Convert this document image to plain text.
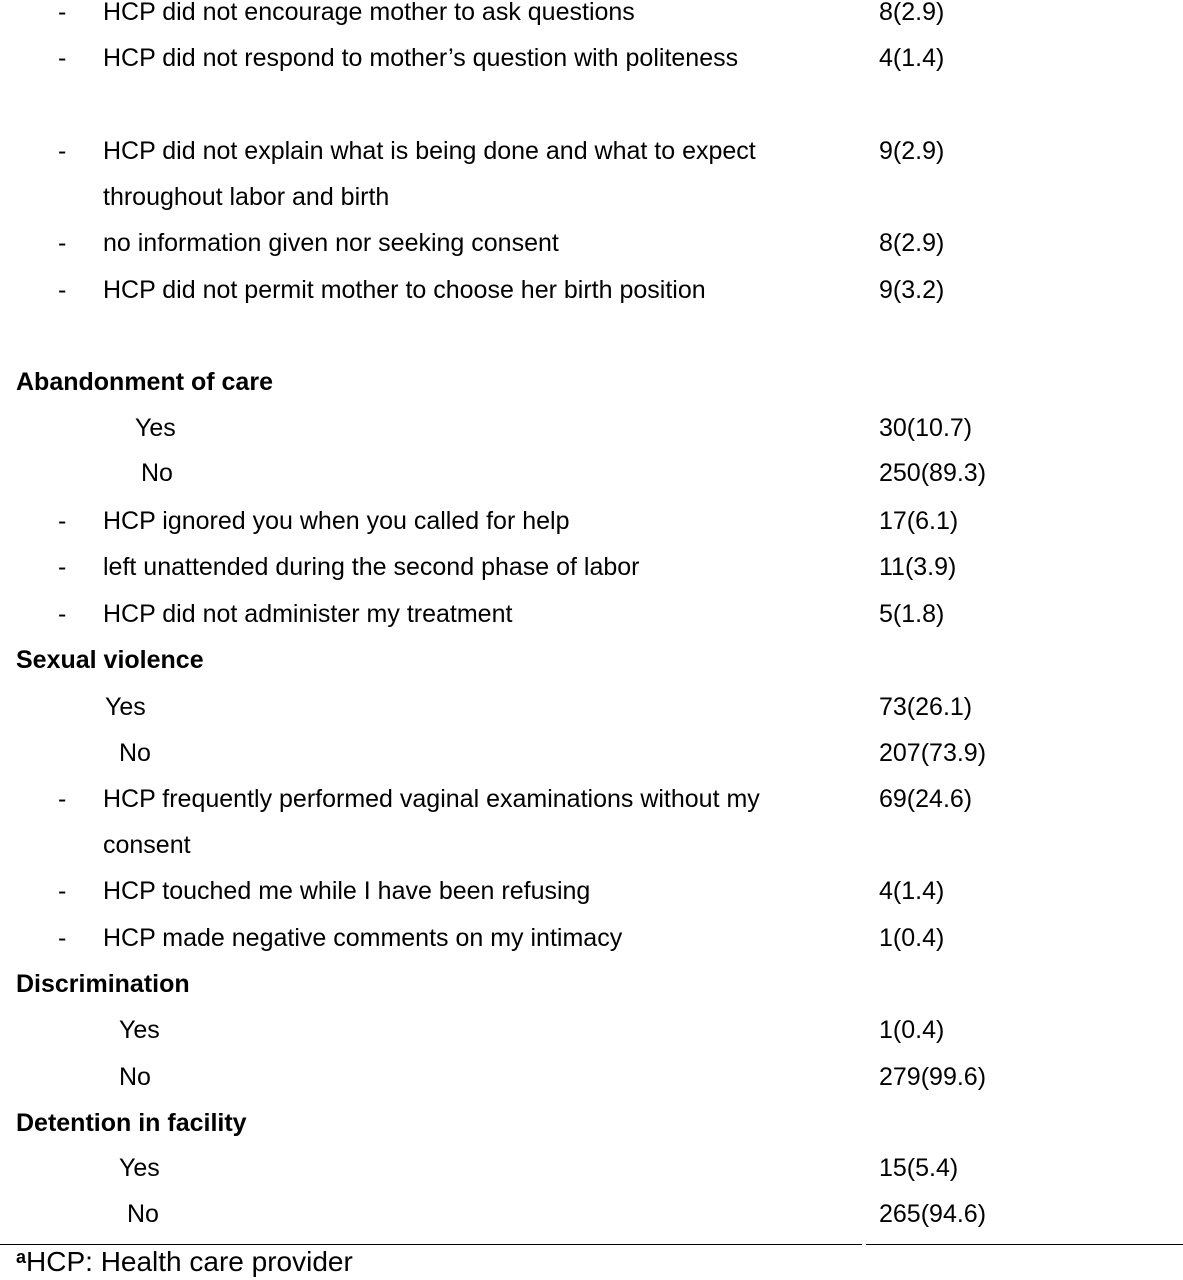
- HCP did not encourage mother to ask questions	8(2.9)
- HCP did not respond to mother’s question with politeness	4(1.4)
- HCP did not explain what is being done and what to expect	9(2.9)
throughout labor and birth
- no information given nor seeking consent	8(2.9)
- HCP did not permit mother to choose her birth position	9(3.2)
Abandonment of care
Yes	30(10.7)
No	250(89.3)
- HCP ignored you when you called for help	17(6.1)
- left unattended during the second phase of labor	11(3.9)
- HCP did not administer my treatment	5(1.8)
Sexual violence
Yes	73(26.1)
No	207(73.9)
- HCP frequently performed vaginal examinations without my	69(24.6)
consent
- HCP touched me while I have been refusing	4(1.4)
- HCP made negative comments on my intimacy	1(0.4)
Discrimination
Yes	1(0.4)
No	279(99.6)
Detention in facility
Yes	15(5.4)
No	265(94.6)
$^a$HCP: Health care provider
